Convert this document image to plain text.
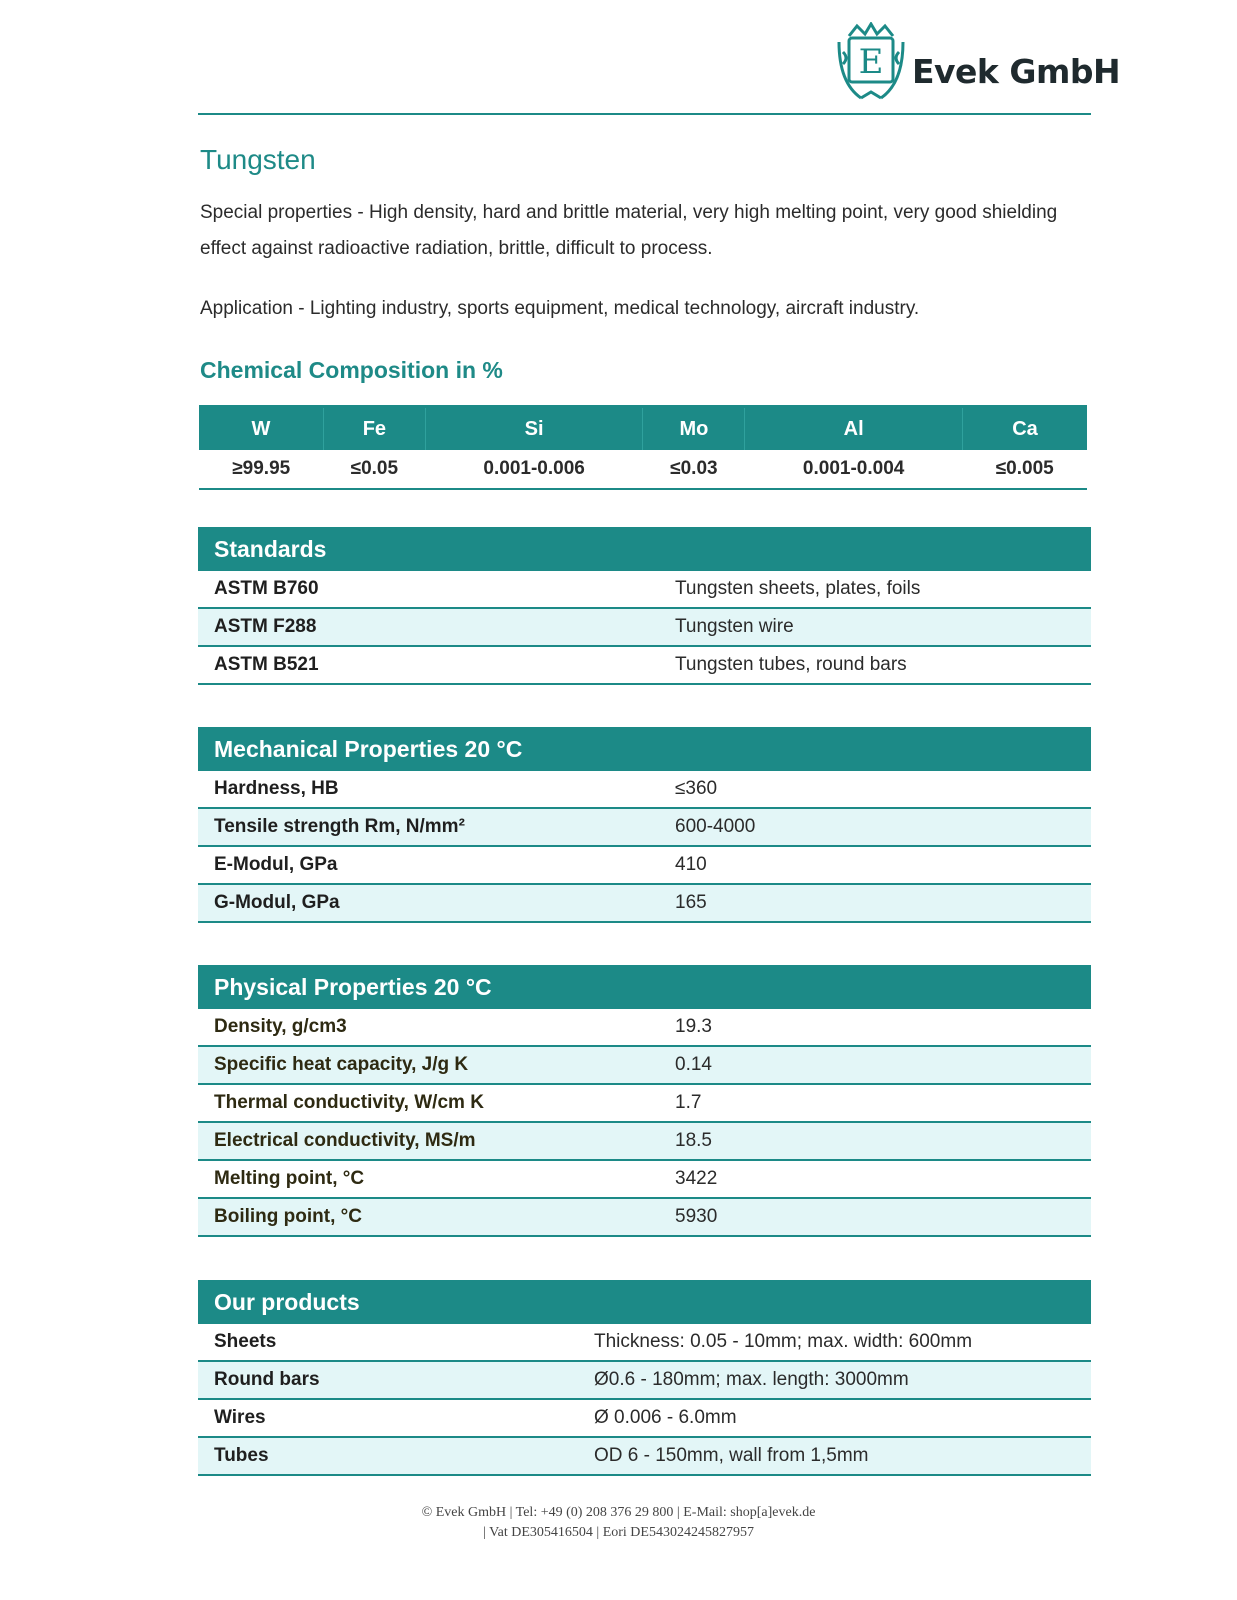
E Evek GmbH
Tungsten
Special properties - High density, hard and brittle material, very high melting point, very good shielding effect against radioactive radiation, brittle, difficult to process.
Application - Lighting industry, sports equipment, medical technology, aircraft industry.
Chemical Composition in %
W	Fe	Si	Mo	Al	Ca
≥99.95	≤0.05	0.001-0.006	≤0.03	0.001-0.004	≤0.005
Standards	
ASTM B760	Tungsten sheets, plates, foils
ASTM F288	Tungsten wire
ASTM B521	Tungsten tubes, round bars
Mechanical Properties 20 °C	
Hardness, HB	≤360
Tensile strength Rm, N/mm²	600-4000
E-Modul, GPa	410
G-Modul, GPa	165
Physical Properties 20 °C	
Density, g/cm3	19.3
Specific heat capacity, J/g K	0.14
Thermal conductivity, W/cm K	1.7
Electrical conductivity, MS/m	18.5
Melting point, °C	3422
Boiling point, °C	5930
Our products	
Sheets	Thickness: 0.05 - 10mm; max. width: 600mm
Round bars	Ø0.6 - 180mm; max. length: 3000mm
Wires	Ø 0.006 - 6.0mm
Tubes	OD 6 - 150mm, wall from 1,5mm
© Evek GmbH | Tel: +49 (0) 208 376 29 800 | E-Mail: shop[a]evek.de
| Vat DE305416504 | Eori DE543024245827957
